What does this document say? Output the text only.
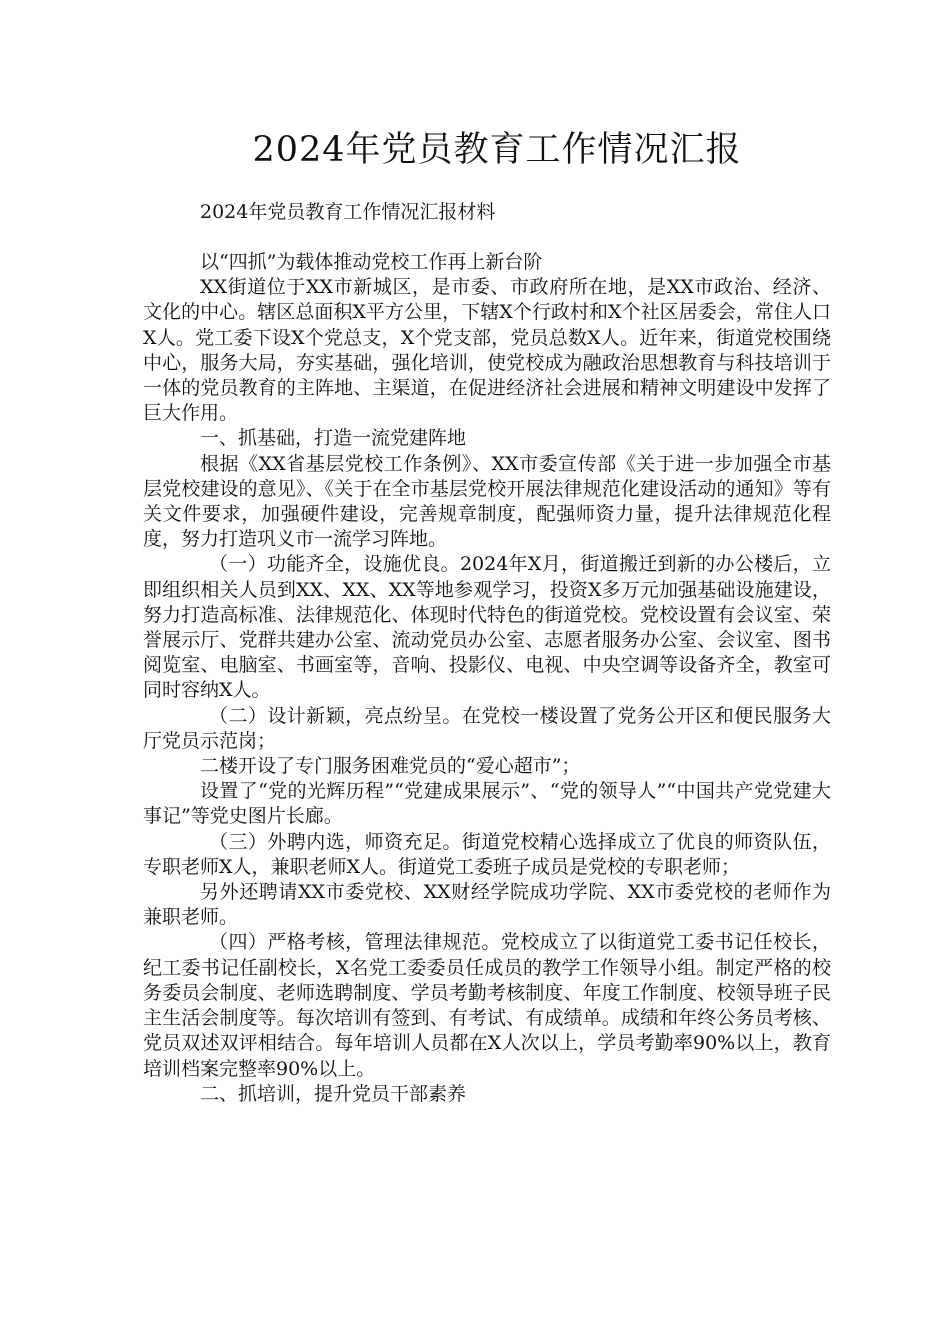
2024年党员教育工作情况汇报
2024年党员教育工作情况汇报材料

以“四抓”为载体推动党校工作再上新台阶

XX街道位于XX市新城区，是市委、市政府所在地，是XX市政治、经济、文化的中心。辖区总面积X平方公里，下辖X个行政村和X个社区居委会，常住人口X人。党工委下设X个党总支，X个党支部，党员总数X人。近年来，街道党校围绕中心，服务大局，夯实基础，强化培训，使党校成为融政治思想教育与科技培训于一体的党员教育的主阵地、主渠道，在促进经济社会进展和精神文明建设中发挥了巨大作用。

一、抓基础，打造一流党建阵地

根据《XX省基层党校工作条例》、XX市委宣传部《关于进一步加强全市基层党校建设的意见》、《关于在全市基层党校开展法律规范化建设活动的通知》等有关文件要求，加强硬件建设，完善规章制度，配强师资力量，提升法律规范化程度，努力打造巩义市一流学习阵地。

（一）功能齐全，设施优良。2024年X月，街道搬迁到新的办公楼后，立即组织相关人员到XX、XX、XX等地参观学习，投资X多万元加强基础设施建设，努力打造高标准、法律规范化、体现时代特色的街道党校。党校设置有会议室、荣誉展示厅、党群共建办公室、流动党员办公室、志愿者服务办公室、会议室、图书阅览室、电脑室、书画室等，音响、投影仪、电视、中央空调等设备齐全，教室可同时容纳X人。

（二）设计新颖，亮点纷呈。在党校一楼设置了党务公开区和便民服务大厅党员示范岗；

二楼开设了专门服务困难党员的“爱心超市”；

设置了“党的光辉历程”“党建成果展示”、“党的领导人”“中国共产党党建大事记”等党史图片长廊。

（三）外聘内选，师资充足。街道党校精心选择成立了优良的师资队伍，专职老师X人，兼职老师X人。街道党工委班子成员是党校的专职老师；

另外还聘请XX市委党校、XX财经学院成功学院、XX市委党校的老师作为兼职老师。

（四）严格考核，管理法律规范。党校成立了以街道党工委书记任校长，纪工委书记任副校长，X名党工委委员任成员的教学工作领导小组。制定严格的校务委员会制度、老师选聘制度、学员考勤考核制度、年度工作制度、校领导班子民主生活会制度等。每次培训有签到、有考试、有成绩单。成绩和年终公务员考核、党员双述双评相结合。每年培训人员都在X人次以上，学员考勤率90%以上，教育培训档案完整率90%以上。

二、抓培训，提升党员干部素养
